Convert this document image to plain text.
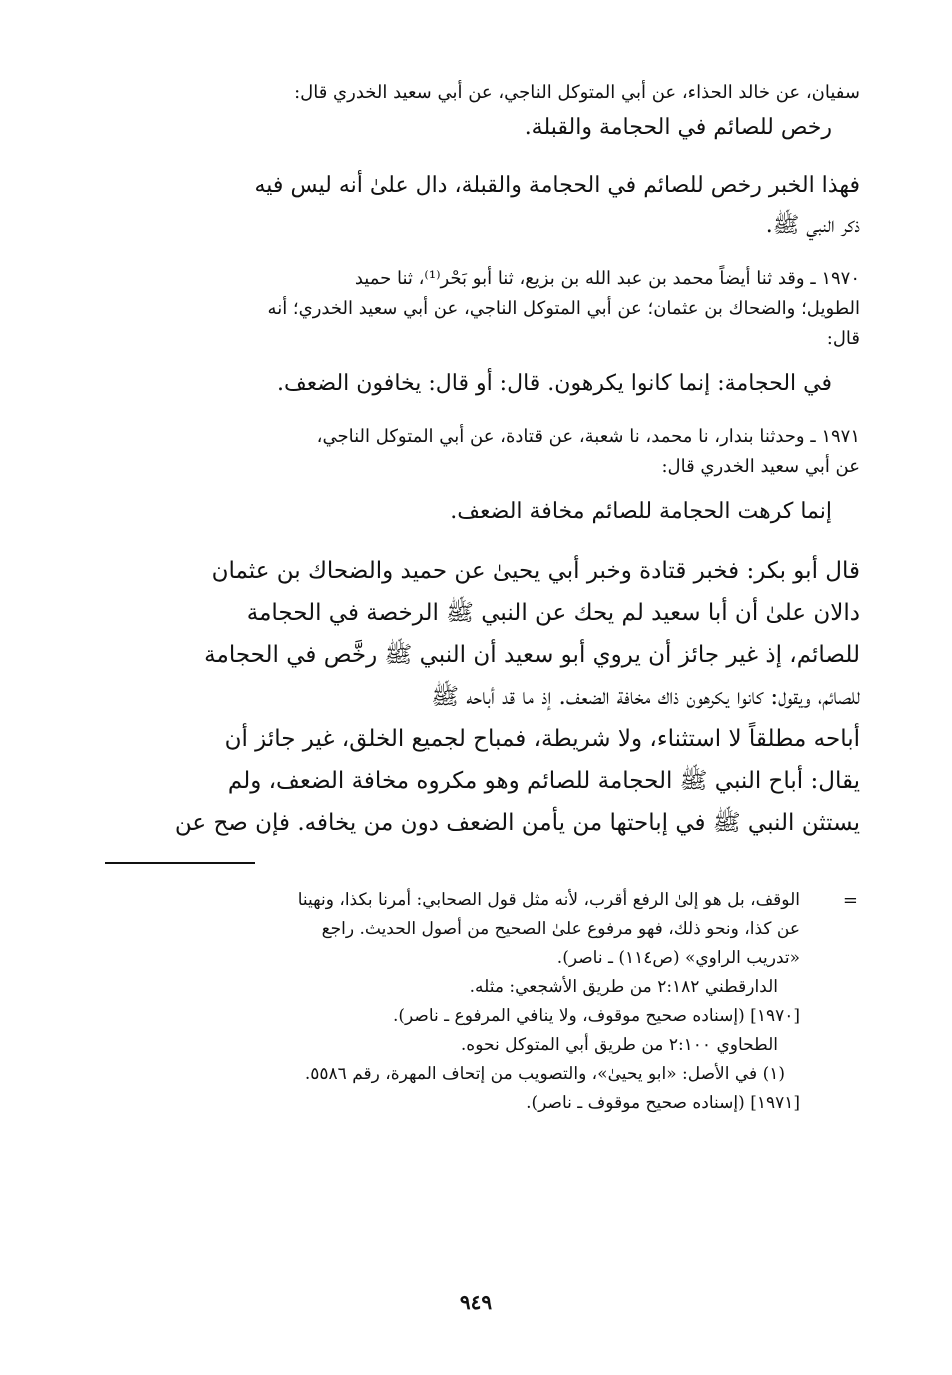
سفيان، عن خالد الحذاء، عن أبي المتوكل الناجي، عن أبي سعيد الخدري قال:

رخص للصائم في الحجامة والقبلة.

فهذا الخبر رخص للصائم في الحجامة والقبلة، دال علىٰ أنه ليس فيه

ذكر النبي ﷺ.

١٩٧٠ ـ وقد ثنا أيضاً محمد بن عبد الله بن بزيع، ثنا أبو بَحْر⁽¹⁾، ثنا حميد

الطويل؛ والضحاك بن عثمان؛ عن أبي المتوكل الناجي، عن أبي سعيد الخدري؛ أنه

قال:

في الحجامة: إنما كانوا يكرهون. قال: أو قال: يخافون الضعف.

١٩٧١ ـ وحدثنا بندار، نا محمد، نا شعبة، عن قتادة، عن أبي المتوكل الناجي،

عن أبي سعيد الخدري قال:

إنما كرهت الحجامة للصائم مخافة الضعف.

قال أبو بكر: فخبر قتادة وخبر أبي يحيىٰ عن حميد والضحاك بن عثمان

دالان علىٰ أن أبا سعيد لم يحك عن النبي ﷺ الرخصة في الحجامة

للصائم، إذ غير جائز أن يروي أبو سعيد أن النبي ﷺ رخَّص في الحجامة

للصائم، ويقول: كانوا يكرهون ذاك مخافة الضعف. إذ ما قد أباحه ﷺ

أباحه مطلقاً لا استثناء، ولا شريطة، فمباح لجميع الخلق، غير جائز أن

يقال: أباح النبي ﷺ الحجامة للصائم وهو مكروه مخافة الضعف، ولم

يستثن النبي ﷺ في إباحتها من يأمن الضعف دون من يخافه. فإن صح عن

=

الوقف، بل هو إلىٰ الرفع أقرب، لأنه مثل قول الصحابي: أمرنا بكذا، ونهينا

عن كذا، ونحو ذلك، فهو مرفوع علىٰ الصحيح من أصول الحديث. راجع

«تدريب الراوي» (ص١١٤) ـ ناصر).

الدارقطني ٢:١٨٢ من طريق الأشجعي: مثله.

[١٩٧٠] (إسناده صحيح موقوف، ولا ينافي المرفوع ـ ناصر).

الطحاوي ٢:١٠٠ من طريق أبي المتوكل نحوه.

(١) في الأصل: «ابو يحيىٰ»، والتصويب من إتحاف المهرة، رقم ٥٥٨٦.

[١٩٧١] (إسناده صحيح موقوف ـ ناصر).

٩٤٩
